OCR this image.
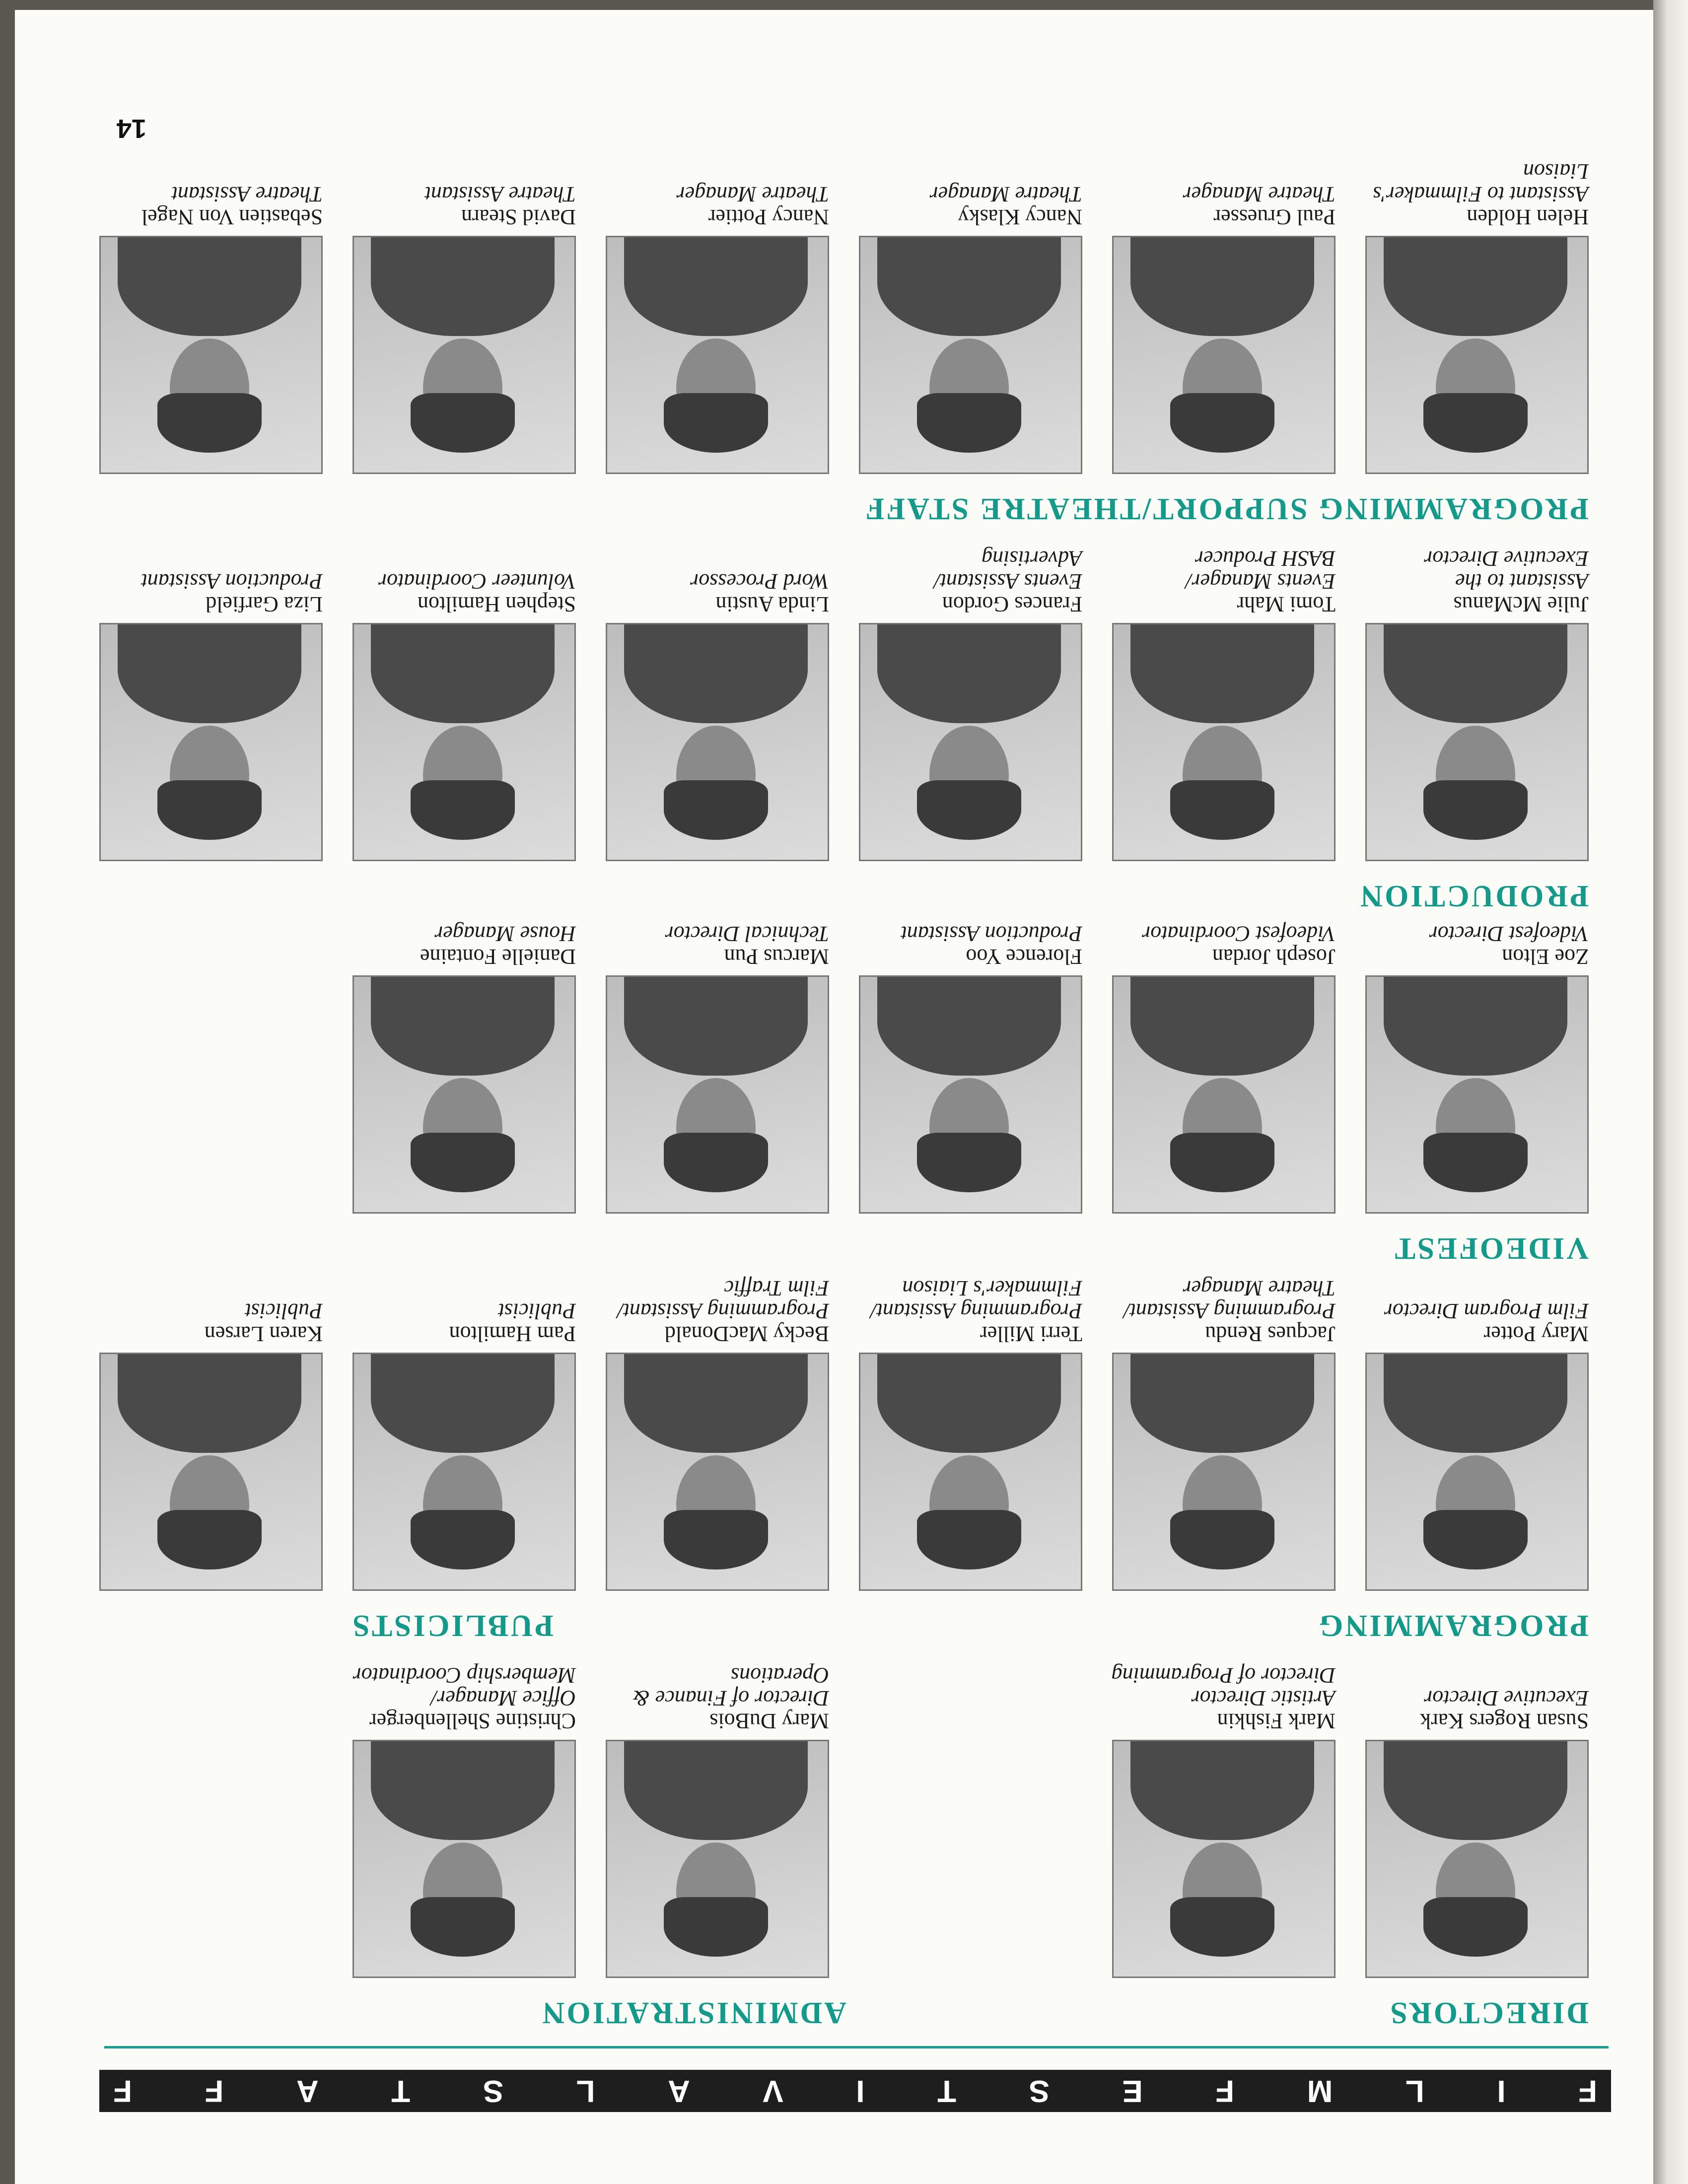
F
I
L
M
F
E
S
T
I
V
A
L
S
T
A
F
F
DIRECTORS
ADMINISTRATION
PROGRAMMING
PUBLICISTS
VIDEOFEST
PRODUCTION
PROGRAMMING SUPPORT/THEATRE STAFF
Susan Rogers Kark
Executive Director
Mark Fishkin
Artistic Director
Director of Programming
Mary DuBois
Director of Finance &
Operations
Christine Shellenberger
Office Manager/
Membership Coordinator
Mary Potter
Film Program Director
Jacques Rendu
Programming Assistant/
Theatre Manager
Terri Miller
Programming Assistant/
Filmmaker's Liaison
Becky MacDonald
Programming Assistant/
Film Traffic
Pam Hamilton
Publicist
Karen Larsen
Publicist
Zoe Elton
Videofest Director
Joseph Jordan
Videofest Coordinator
Florence Yoo
Production Assistant
Marcus Pun
Technical Director
Danielle Fontaine
House Manager
Julie McManus
Assistant to the
Executive Director
Tomi Mahr
Events Manager/
BASH Producer
Frances Gordon
Events Assistant/
Advertising
Linda Austin
Word Processor
Stephen Hamilton
Volunteer Coordinator
Liza Garfield
Production Assistant
Helen Holden
Assistant to Filmmaker's
Liaison
Paul Gruesser
Theatre Manager
Nancy Klasky
Theatre Manager
Nancy Pottier
Theatre Manager
David Stearn
Theatre Assistant
Sebastien Von Nagel
Theatre Assistant
14
